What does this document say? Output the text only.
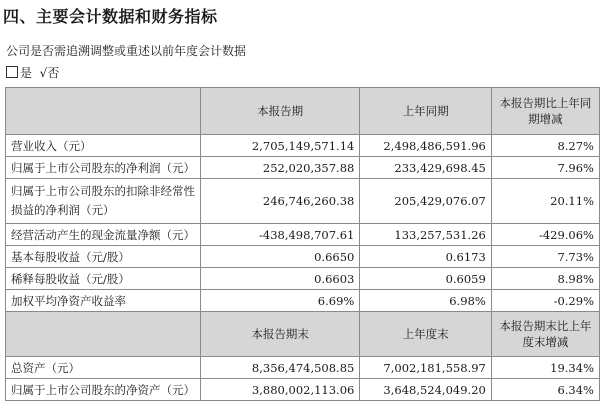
四、主要会计数据和财务指标
公司是否需追溯调整或重述以前年度会计数据
是 √否
	本报告期	上年同期	本报告期比上年同期增减
营业收入（元）	2,705,149,571.14	2,498,486,591.96	8.27%
归属于上市公司股东的净利润（元）	252,020,357.88	233,429,698.45	7.96%
归属于上市公司股东的扣除非经常性损益的净利润（元）	246,746,260.38	205,429,076.07	20.11%
经营活动产生的现金流量净额（元）	-438,498,707.61	133,257,531.26	-429.06%
基本每股收益（元/股）	0.6650	0.6173	7.73%
稀释每股收益（元/股）	0.6603	0.6059	8.98%
加权平均净资产收益率	6.69%	6.98%	-0.29%
	本报告期末	上年度末	本报告期末比上年度末增减
总资产（元）	8,356,474,508.85	7,002,181,558.97	19.34%
归属于上市公司股东的净资产（元）	3,880,002,113.06	3,648,524,049.20	6.34%
